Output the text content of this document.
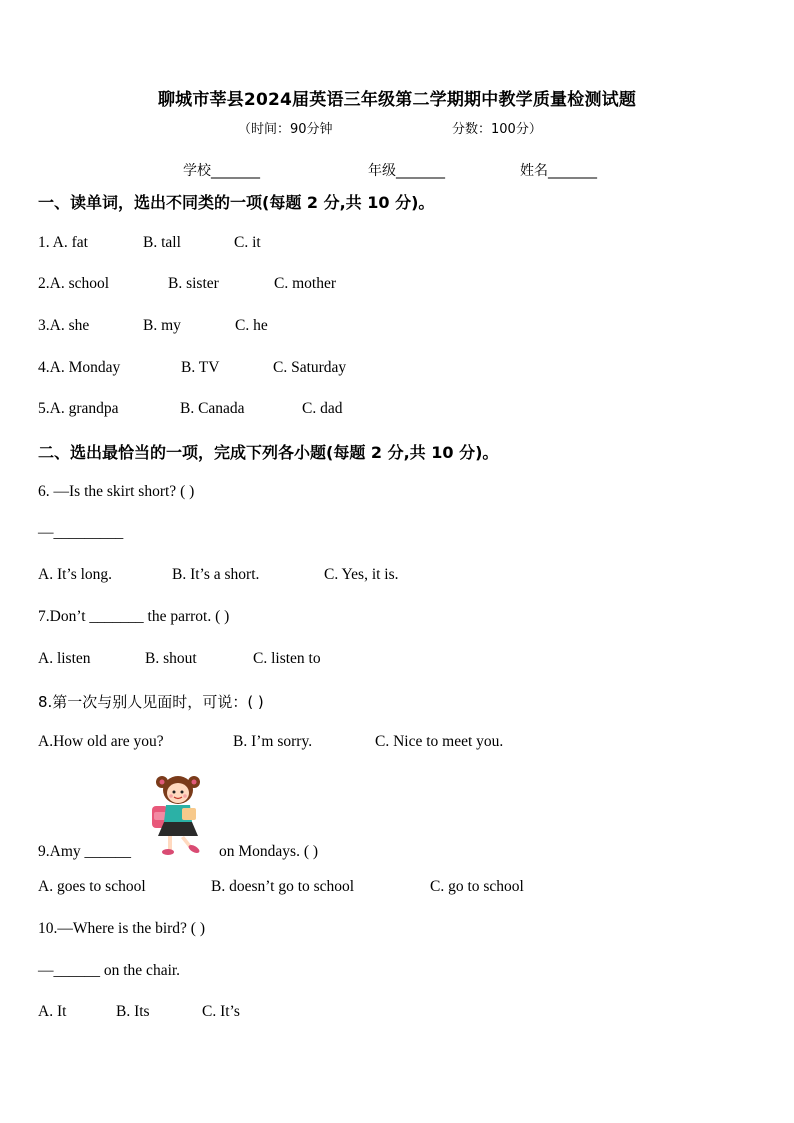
聊城市莘县2024届英语三年级第二学期期中教学质量检测试题
（时间：90分钟	分数：100分）
学校_______	年级_______	姓名_______
一、读单词，选出不同类的一项(每题 2 分,共 10 分)。
1. A. fat	B. tall	C. it
2.A. school	B. sister	C. mother
3.A. she	B. my	C. he
4.A. Monday	B. TV	C. Saturday
5.A. grandpa	B. Canada	C. dad
二、选出最恰当的一项，完成下列各小题(每题 2 分,共 10 分)。
6. —Is the skirt short? ( )
—_________
A. It’s long.	B. It’s a short.	C. Yes, it is.
7.Don’t _______ the parrot. ( )
A. listen	B. shout	C. listen to
8.第一次与别人见面时，可说：( )
A.How old are you?	B. I’m sorry.	C. Nice to meet you.
9.Amy ______	on Mondays. ( )
A. goes to school	B. doesn’t go to school	C. go to school
10.—Where is the bird? ( )
—______ on the chair.
A. It	B. Its	C. It’s
